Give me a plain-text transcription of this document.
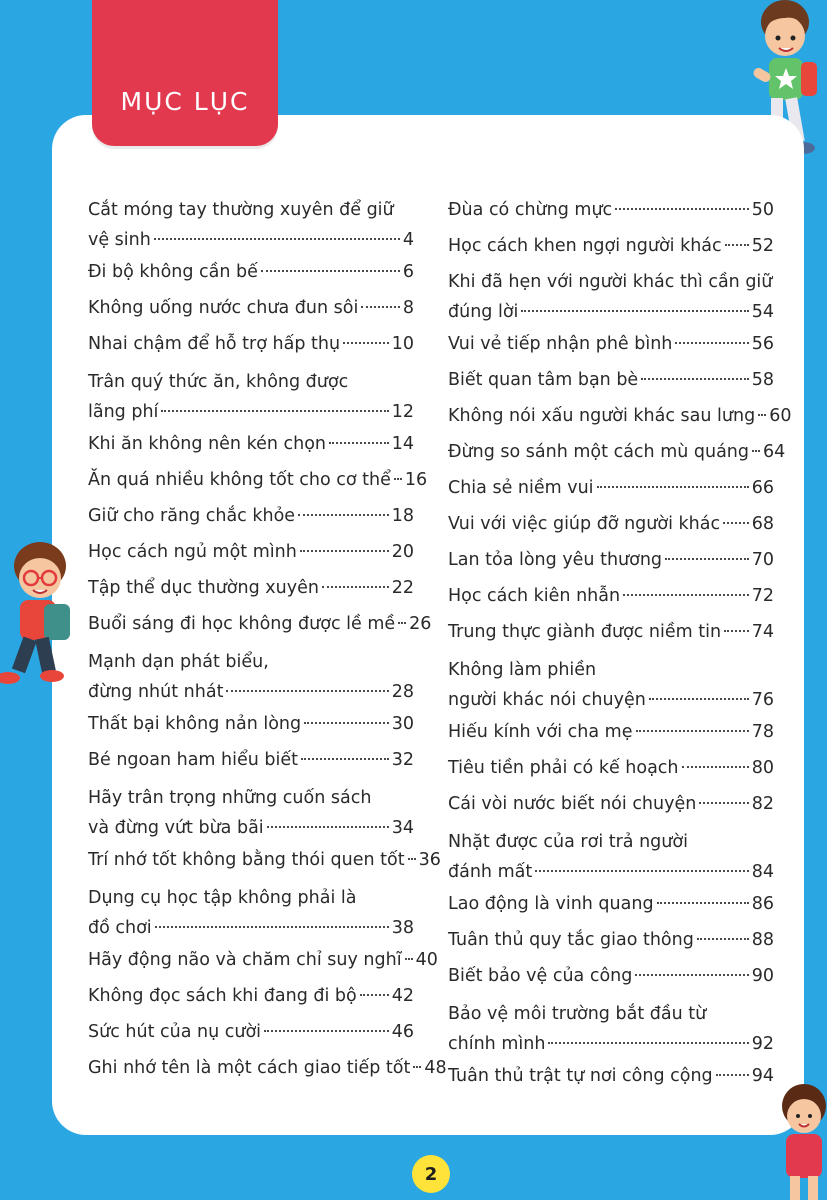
MỤC LỤC
Cắt móng tay thường xuyên để giữ
vệ sinh	4
Đi bộ không cần bế	6
Không uống nước chưa đun sôi	8
Nhai chậm để hỗ trợ hấp thụ	10
Trân quý thức ăn, không được
lãng phí	12
Khi ăn không nên kén chọn	14
Ăn quá nhiều không tốt cho cơ thể 16
Giữ cho răng chắc khỏe	18
Học cách ngủ một mình	20
Tập thể dục thường xuyên	22
Buổi sáng đi học không được lề mề 26
Mạnh dạn phát biểu,
đừng nhút nhát	28
Thất bại không nản lòng	30
Bé ngoan ham hiểu biết	32
Hãy trân trọng những cuốn sách
và đừng vứt bừa bãi	34
Trí nhớ tốt không bằng thói quen tốt 36
Dụng cụ học tập không phải là
đồ chơi	38
Hãy động não và chăm chỉ suy nghĩ 40
Không đọc sách khi đang đi bộ 42
Sức hút của nụ cười	46
Ghi nhớ tên là một cách giao tiếp tốt 48
Đùa có chừng mực	50
Học cách khen ngợi người khác 52
Khi đã hẹn với người khác thì cần giữ
đúng lời	54
Vui vẻ tiếp nhận phê bình	56
Biết quan tâm bạn bè	58
Không nói xấu người khác sau lưng 60
Đừng so sánh một cách mù quáng 64
Chia sẻ niềm vui	66
Vui với việc giúp đỡ người khác 68
Lan tỏa lòng yêu thương	70
Học cách kiên nhẫn	72
Trung thực giành được niềm tin 74
Không làm phiền
người khác nói chuyện	76
Hiếu kính với cha mẹ	78
Tiêu tiền phải có kế hoạch	80
Cái vòi nước biết nói chuyện	82
Nhặt được của rơi trả người
đánh mất	84
Lao động là vinh quang	86
Tuân thủ quy tắc giao thông	88
Biết bảo vệ của công	90
Bảo vệ môi trường bắt đầu từ
chính mình	92
Tuân thủ trật tự nơi công cộng 94
2
